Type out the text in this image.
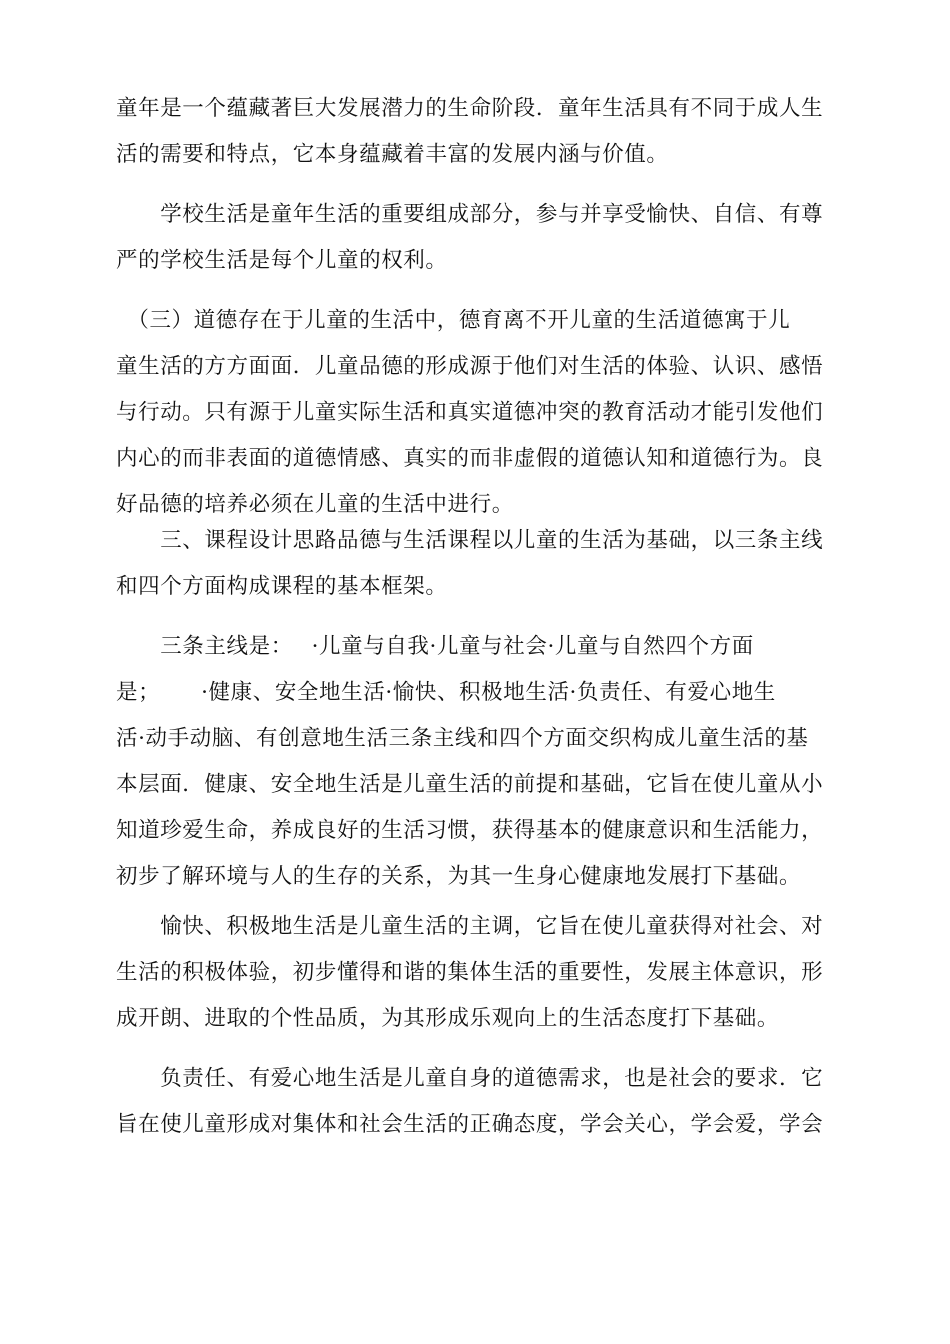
童年是一个蕴藏著巨大发展潜力的生命阶段．童年生活具有不同于成人生
活的需要和特点，它本身蕴藏着丰富的发展内涵与价值。

　　学校生活是童年生活的重要组成部分，参与并享受愉快、自信、有尊
严的学校生活是每个儿童的权利。

　（三）道德存在于儿童的生活中，德育离不开儿童的生活道德寓于儿
童生活的方方面面．儿童品德的形成源于他们对生活的体验、认识、感悟
与行动。只有源于儿童实际生活和真实道德冲突的教育活动才能引发他们
内心的而非表面的道德情感、真实的而非虚假的道德认知和道德行为。良
好品德的培养必须在儿童的生活中进行。

　　三、课程设计思路品德与生活课程以儿童的生活为基础，以三条主线
和四个方面构成课程的基本框架。

　　三条主线是：　 ·儿童与自我·儿童与社会·儿童与自然四个方面
是；　　 ·健康、安全地生活·愉快、积极地生活·负责任、有爱心地生
活·动手动脑、有创意地生活三条主线和四个方面交织构成儿童生活的基
本层面．健康、安全地生活是儿童生活的前提和基础，它旨在使儿童从小
知道珍爱生命，养成良好的生活习惯，获得基本的健康意识和生活能力，
初步了解环境与人的生存的关系，为其一生身心健康地发展打下基础。

　　愉快、积极地生活是儿童生活的主调，它旨在使儿童获得对社会、对
生活的积极体验，初步懂得和谐的集体生活的重要性，发展主体意识，形
成开朗、进取的个性品质，为其形成乐观向上的生活态度打下基础。

　　负责任、有爱心地生活是儿童自身的道德需求，也是社会的要求．它
旨在使儿童形成对集体和社会生活的正确态度，学会关心，学会爱，学会
